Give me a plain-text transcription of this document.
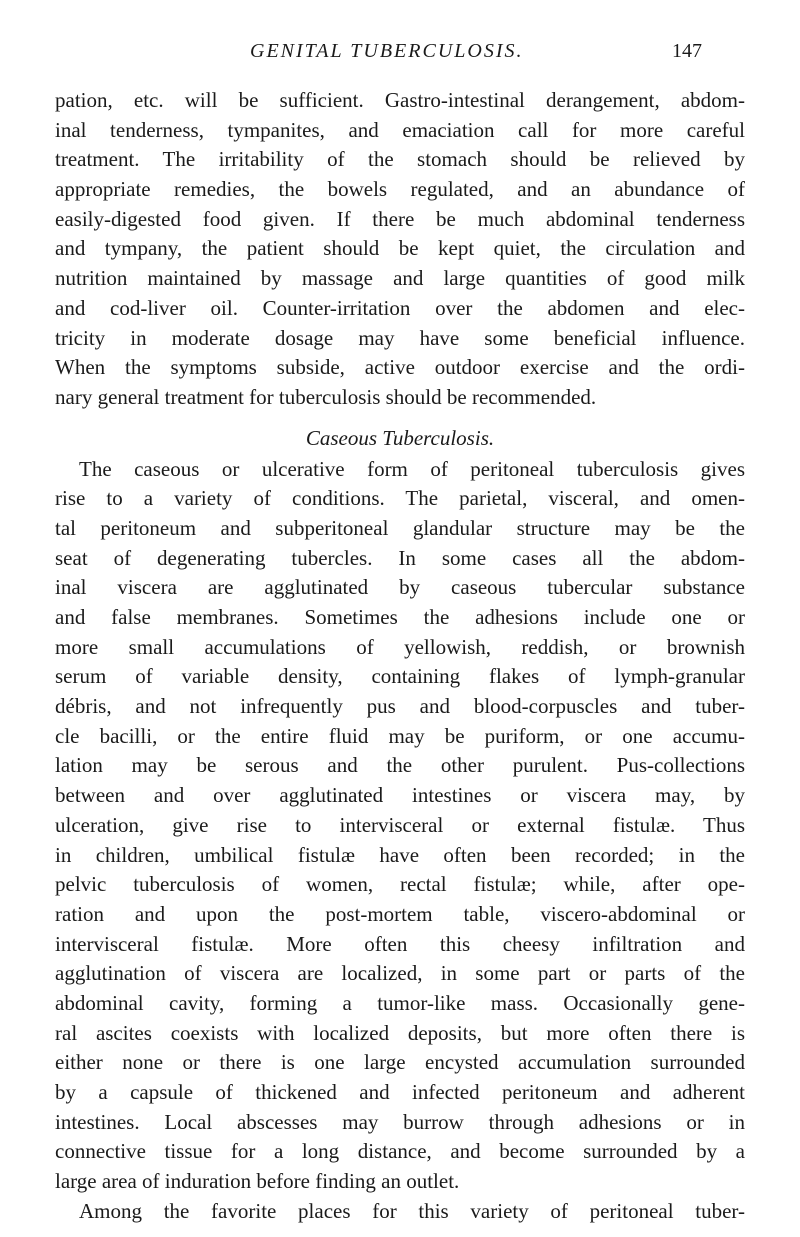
GENITAL TUBERCULOSIS.	147
pation, etc. will be sufficient. Gastro-intestinal derangement, abdom-
inal tenderness, tympanites, and emaciation call for more careful
treatment. The irritability of the stomach should be relieved by
appropriate remedies, the bowels regulated, and an abundance of
easily-digested food given. If there be much abdominal tenderness
and tympany, the patient should be kept quiet, the circulation and
nutrition maintained by massage and large quantities of good milk
and cod-liver oil. Counter-irritation over the abdomen and elec-
tricity in moderate dosage may have some beneficial influence.
When the symptoms subside, active outdoor exercise and the ordi-
nary general treatment for tuberculosis should be recommended.
Caseous Tuberculosis.
The caseous or ulcerative form of peritoneal tuberculosis gives
rise to a variety of conditions. The parietal, visceral, and omen-
tal peritoneum and subperitoneal glandular structure may be the
seat of degenerating tubercles. In some cases all the abdom-
inal viscera are agglutinated by caseous tubercular substance
and false membranes. Sometimes the adhesions include one or
more small accumulations of yellowish, reddish, or brownish
serum of variable density, containing flakes of lymph-granular
débris, and not infrequently pus and blood-corpuscles and tuber-
cle bacilli, or the entire fluid may be puriform, or one accumu-
lation may be serous and the other purulent. Pus-collections
between and over agglutinated intestines or viscera may, by
ulceration, give rise to intervisceral or external fistulæ. Thus
in children, umbilical fistulæ have often been recorded; in the
pelvic tuberculosis of women, rectal fistulæ; while, after ope-
ration and upon the post-mortem table, viscero-abdominal or
intervisceral fistulæ. More often this cheesy infiltration and
agglutination of viscera are localized, in some part or parts of the
abdominal cavity, forming a tumor-like mass. Occasionally gene-
ral ascites coexists with localized deposits, but more often there is
either none or there is one large encysted accumulation surrounded
by a capsule of thickened and infected peritoneum and adherent
intestines. Local abscesses may burrow through adhesions or in
connective tissue for a long distance, and become surrounded by a
large area of induration before finding an outlet.
Among the favorite places for this variety of peritoneal tuber-
